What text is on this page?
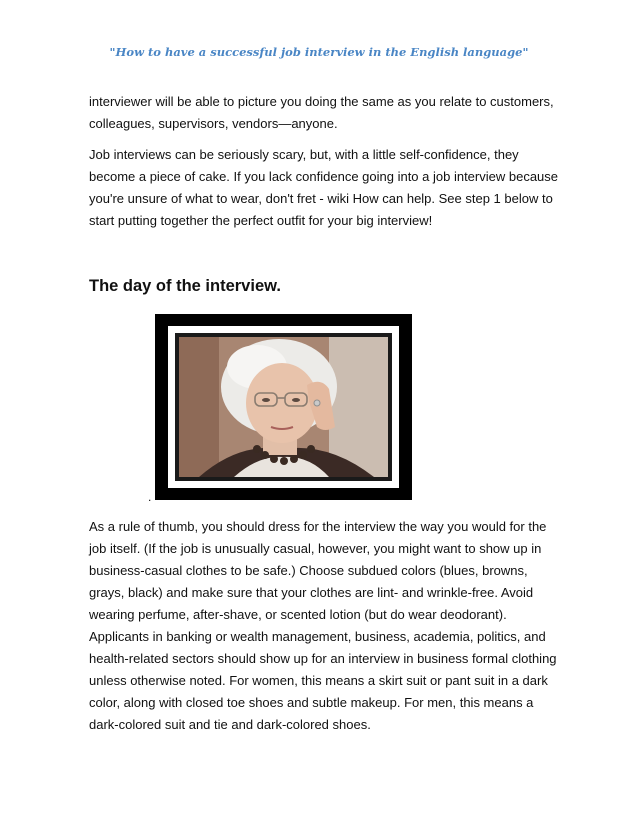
"How to have a successful job interview in the English language"

interviewer will be able to picture you doing the same as you relate to customers, colleagues, supervisors, vendors—anyone.

Job interviews can be seriously scary, but, with a little self-confidence, they become a piece of cake. If you lack confidence going into a job interview because you're unsure of what to wear, don't fret - wiki How can help. See step 1 below to start putting together the perfect outfit for your big interview!

The day of the interview.
.

As a rule of thumb, you should dress for the interview the way you would for the job itself. (If the job is unusually casual, however, you might want to show up in business-casual clothes to be safe.) Choose subdued colors (blues, browns, grays, black) and make sure that your clothes are lint- and wrinkle-free. Avoid wearing perfume, after-shave, or scented lotion (but do wear deodorant).

Applicants in banking or wealth management, business, academia, politics, and health-related sectors should show up for an interview in business formal clothing unless otherwise noted. For women, this means a skirt suit or pant suit in a dark color, along with closed toe shoes and subtle makeup. For men, this means a dark-colored suit and tie and dark-colored shoes.
